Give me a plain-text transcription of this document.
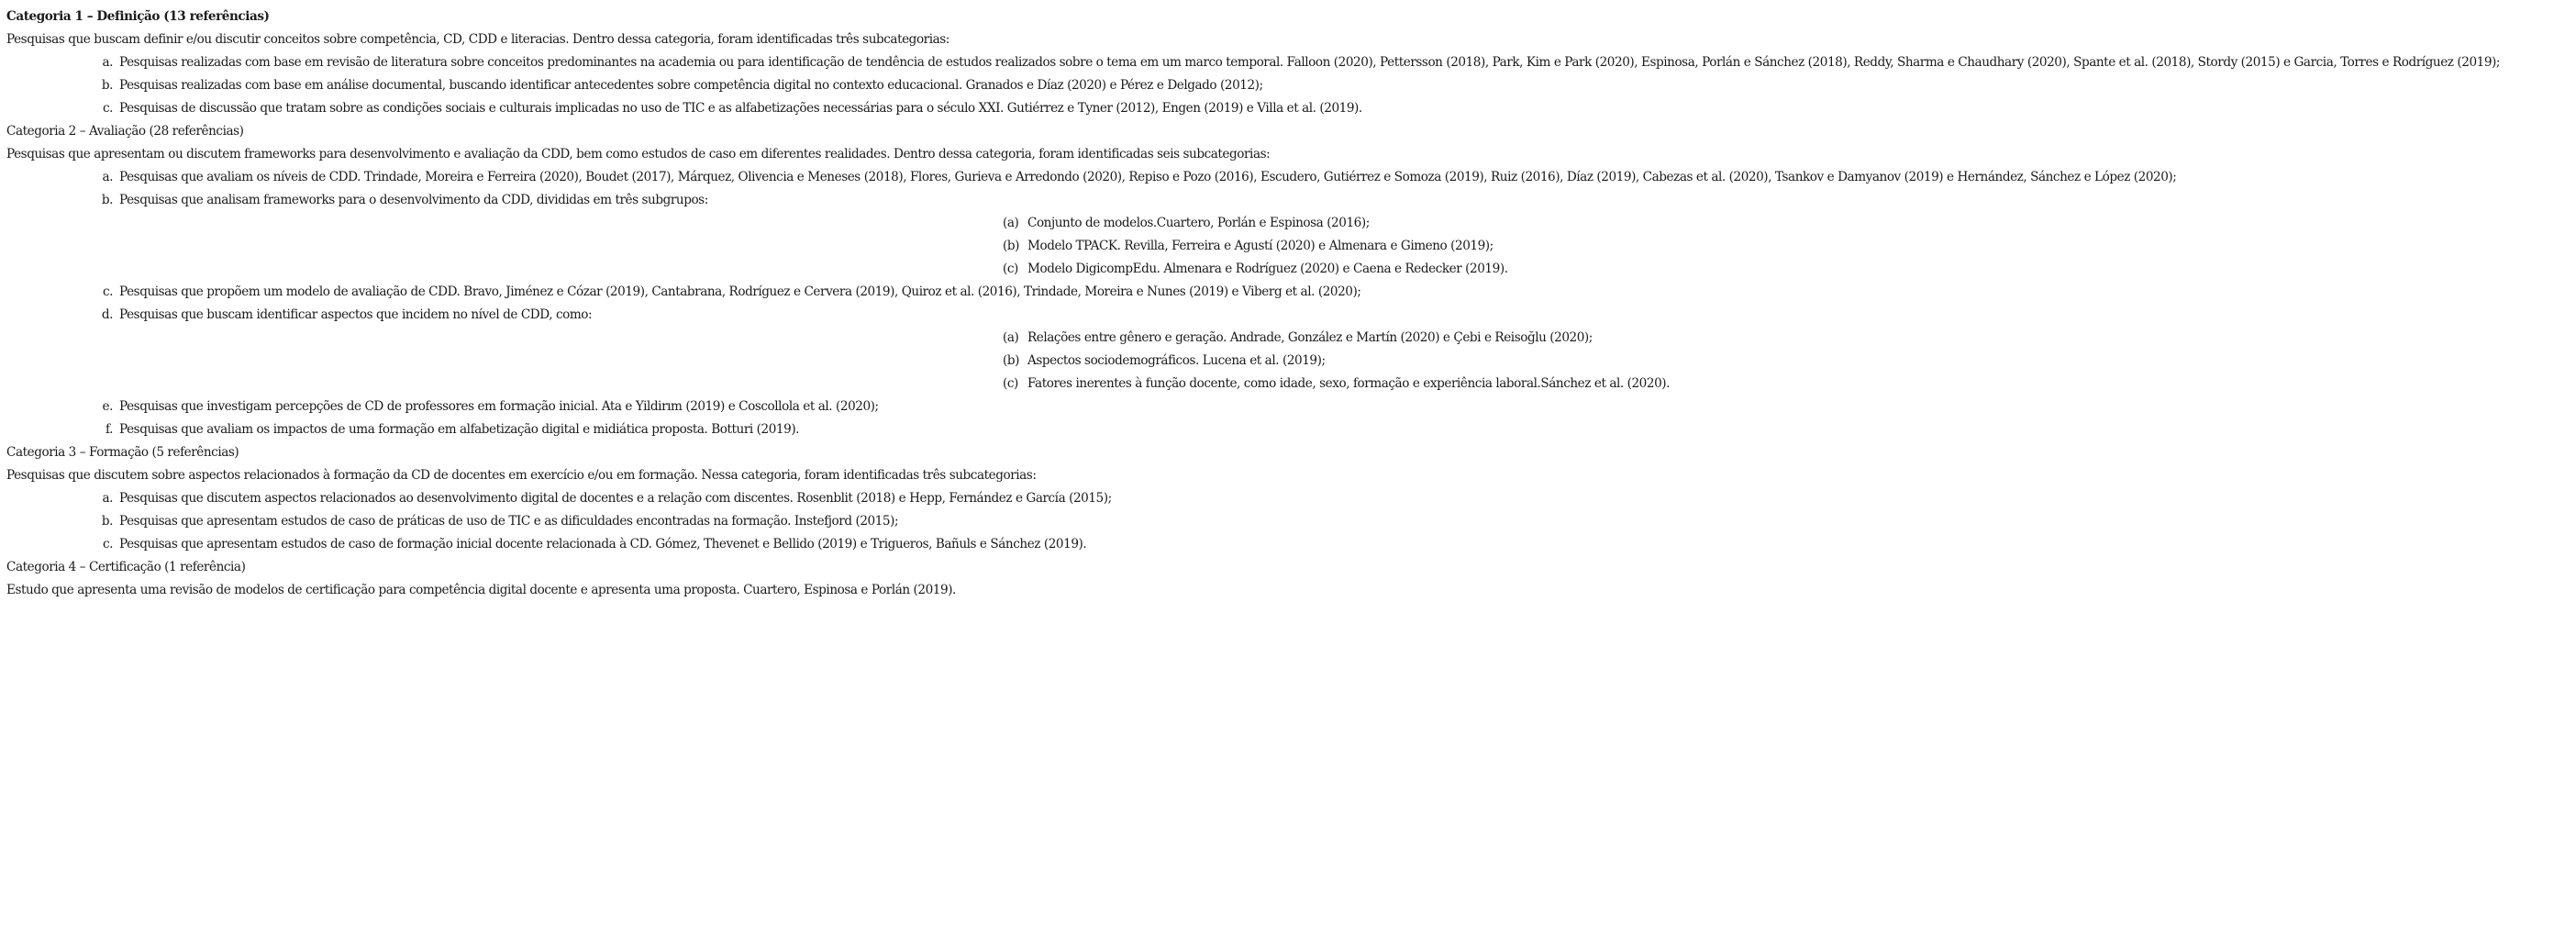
Categoria 1 – Definição (13 referências)
Pesquisas que buscam definir e/ou discutir conceitos sobre competência, CD, CDD e literacias. Dentro dessa categoria, foram identificadas três subcategorias:
a. Pesquisas realizadas com base em revisão de literatura sobre conceitos predominantes na academia ou para identificação de tendência de estudos realizados sobre o tema em um marco temporal. Falloon (2020), Pettersson (2018), Park, Kim e Park (2020), Espinosa, Porlán e Sánchez (2018), Reddy, Sharma e Chaudhary (2020), Spante et al. (2018), Stordy (2015) e Garcia, Torres e Rodríguez (2019);
b. Pesquisas realizadas com base em análise documental, buscando identificar antecedentes sobre competência digital no contexto educacional. Granados e Díaz (2020) e Pérez e Delgado (2012);
c. Pesquisas de discussão que tratam sobre as condições sociais e culturais implicadas no uso de TIC e as alfabetizações necessárias para o século XXI. Gutiérrez e Tyner (2012), Engen (2019) e Villa et al. (2019).
Categoria 2 – Avaliação (28 referências)
Pesquisas que apresentam ou discutem frameworks para desenvolvimento e avaliação da CDD, bem como estudos de caso em diferentes realidades. Dentro dessa categoria, foram identificadas seis subcategorias:
a. Pesquisas que avaliam os níveis de CDD. Trindade, Moreira e Ferreira (2020), Boudet (2017), Márquez, Olivencia e Meneses (2018), Flores, Gurieva e Arredondo (2020), Repiso e Pozo (2016), Escudero, Gutiérrez e Somoza (2019), Ruiz (2016), Díaz (2019), Cabezas et al. (2020), Tsankov e Damyanov (2019) e Hernández, Sánchez e López (2020);
b. Pesquisas que analisam frameworks para o desenvolvimento da CDD, divididas em três subgrupos:
(a) Conjunto de modelos.Cuartero, Porlán e Espinosa (2016);
(b) Modelo TPACK. Revilla, Ferreira e Agustí (2020) e Almenara e Gimeno (2019);
(c) Modelo DigicompEdu. Almenara e Rodríguez (2020) e Caena e Redecker (2019).
c. Pesquisas que propõem um modelo de avaliação de CDD. Bravo, Jiménez e Cózar (2019), Cantabrana, Rodríguez e Cervera (2019), Quiroz et al. (2016), Trindade, Moreira e Nunes (2019) e Viberg et al. (2020);
d. Pesquisas que buscam identificar aspectos que incidem no nível de CDD, como:
(a) Relações entre gênero e geração. Andrade, González e Martín (2020) e Çebi e Reisoğlu (2020);
(b) Aspectos sociodemográficos. Lucena et al. (2019);
(c) Fatores inerentes à função docente, como idade, sexo, formação e experiência laboral.Sánchez et al. (2020).
e. Pesquisas que investigam percepções de CD de professores em formação inicial. Ata e Yildirım (2019) e Coscollola et al. (2020);
f. Pesquisas que avaliam os impactos de uma formação em alfabetização digital e midiática proposta. Botturi (2019).
Categoria 3 – Formação (5 referências)
Pesquisas que discutem sobre aspectos relacionados à formação da CD de docentes em exercício e/ou em formação. Nessa categoria, foram identificadas três subcategorias:
a. Pesquisas que discutem aspectos relacionados ao desenvolvimento digital de docentes e a relação com discentes. Rosenblit (2018) e Hepp, Fernández e García (2015);
b. Pesquisas que apresentam estudos de caso de práticas de uso de TIC e as dificuldades encontradas na formação. Instefjord (2015);
c. Pesquisas que apresentam estudos de caso de formação inicial docente relacionada à CD. Gómez, Thevenet e Bellido (2019) e Trigueros, Bañuls e Sánchez (2019).
Categoria 4 – Certificação (1 referência)
Estudo que apresenta uma revisão de modelos de certificação para competência digital docente e apresenta uma proposta. Cuartero, Espinosa e Porlán (2019).
